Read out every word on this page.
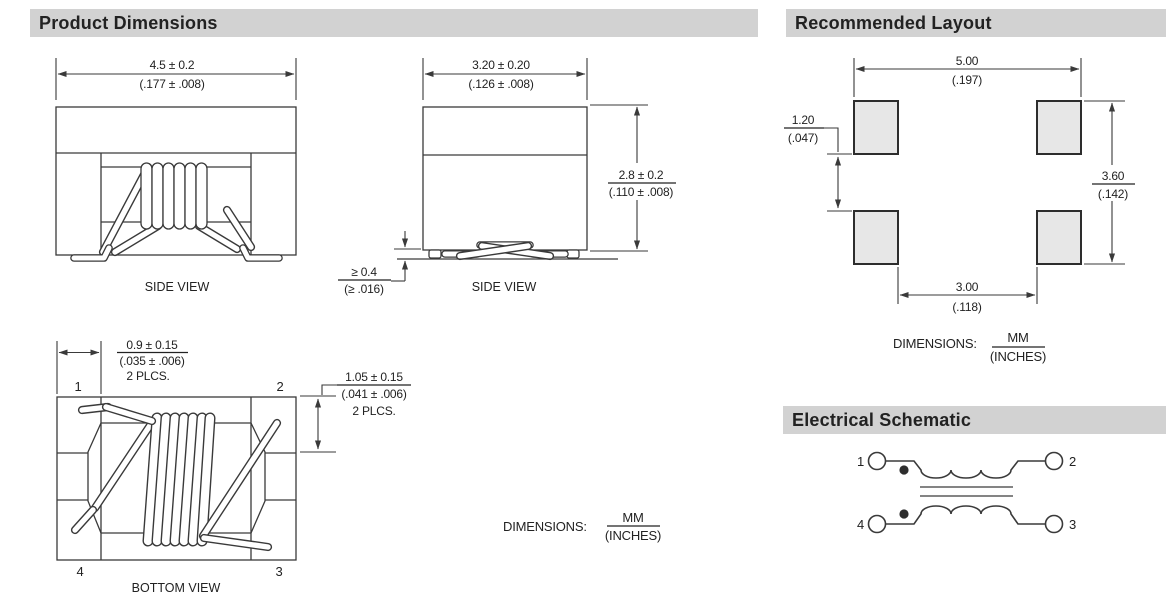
Product Dimensions	Recommended Layout
Electrical Schematic
4.5 ± 0.2
(.177 ± .008)
SIDE VIEW
3.20 ± 0.20
(.126 ± .008)
2.8 ± 0.2
(.110 ± .008)
≥ 0.4
(≥ .016)	SIDE VIEW
0.9 ± 0.15
(.035 ± .006)
2 PLCS.
1	2
3
4
BOTTOM VIEW
1.05 ± 0.15
(.041 ± .006)
2 PLCS.
DIMENSIONS:
MM
(INCHES)
5.00
(.197)
1.20
(.047)
3.60
(.142)
3.00
(.118)
DIMENSIONS: MM
(INCHES)
1	2
3
4
